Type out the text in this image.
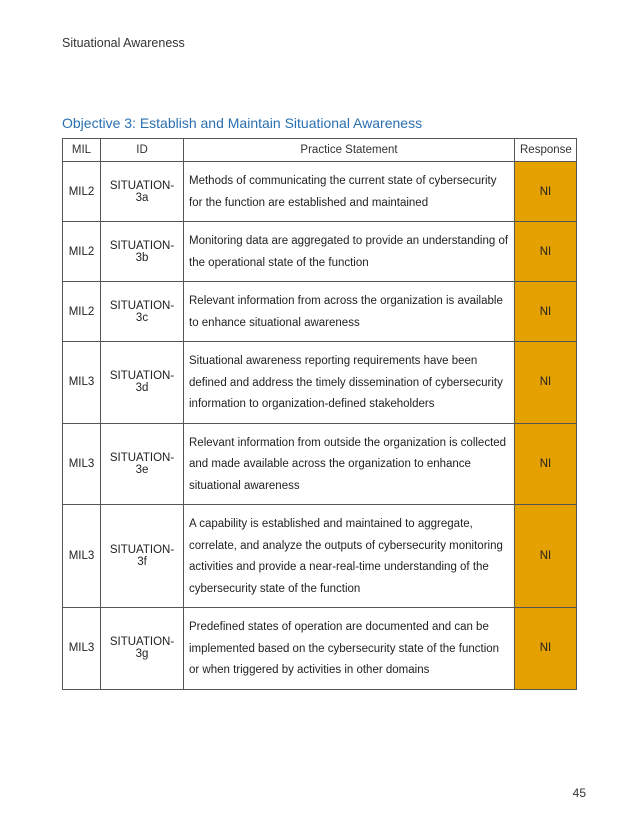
Situational Awareness
Objective 3: Establish and Maintain Situational Awareness
MIL	ID	Practice Statement	Response
MIL2	SITUATION-3a	Methods of communicating the current state of cybersecurity for the function are established and maintained	NI
MIL2	SITUATION-3b	Monitoring data are aggregated to provide an understanding of the operational state of the function	NI
MIL2	SITUATION-3c	Relevant information from across the organization is available to enhance situational awareness	NI
MIL3	SITUATION-3d	Situational awareness reporting requirements have been defined and address the timely dissemination of cybersecurity information to organization-defined stakeholders	NI
MIL3	SITUATION-3e	Relevant information from outside the organization is collected and made available across the organization to enhance situational awareness	NI
MIL3	SITUATION-3f	A capability is established and maintained to aggregate, correlate, and analyze the outputs of cybersecurity monitoring activities and provide a near-real-time understanding of the cybersecurity state of the function	NI
MIL3	SITUATION-3g	Predefined states of operation are documented and can be implemented based on the cybersecurity state of the function or when triggered by activities in other domains	NI
45
